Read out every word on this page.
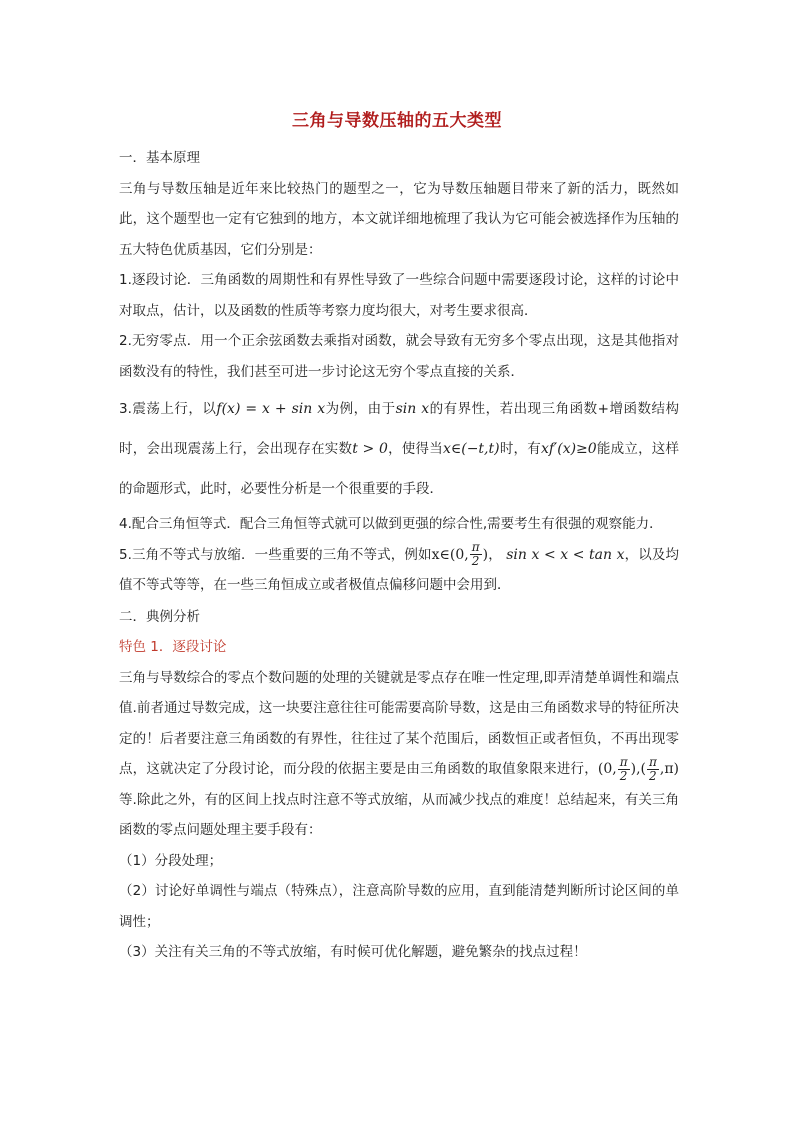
三角与导数压轴的五大类型

一．基本原理

三角与导数压轴是近年来比较热门的题型之一，它为导数压轴题目带来了新的活力，既然如此，这个题型也一定有它独到的地方，本文就详细地梳理了我认为它可能会被选择作为压轴的五大特色优质基因，它们分别是：

1.逐段讨论．三角函数的周期性和有界性导致了一些综合问题中需要逐段讨论，这样的讨论中对取点，估计，以及函数的性质等考察力度均很大，对考生要求很高．

2.无穷零点．用一个正余弦函数去乘指对函数，就会导致有无穷多个零点出现，这是其他指对函数没有的特性，我们甚至可进一步讨论这无穷个零点直接的关系．

3.震荡上行，以f(x) = x + sin x为例，由于sin x的有界性，若出现三角函数+增函数结构时，会出现震荡上行，会出现存在实数t > 0，使得当x∈(−t,t)时，有xf′(x)≥0能成立，这样的命题形式，此时，必要性分析是一个很重要的手段．

4.配合三角恒等式．配合三角恒等式就可以做到更强的综合性,需要考生有很强的观察能力．

5.三角不等式与放缩．一些重要的三角不等式，例如x∈(0, $\frac{\pi}{2}$ )， sin x < x < tan x，以及均值不等式等等，在一些三角恒成立或者极值点偏移问题中会用到．

二．典例分析

特色 1．逐段讨论

三角与导数综合的零点个数问题的处理的关键就是零点存在唯一性定理,即弄清楚单调性和端点值.前者通过导数完成，这一块要注意往往可能需要高阶导数，这是由三角函数求导的特征所决定的！后者要注意三角函数的有界性，往往过了某个范围后，函数恒正或者恒负，不再出现零点，这就决定了分段讨论，而分段的依据主要是由三角函数的取值象限来进行，(0, $\frac{\pi}{2}$ ),( $\frac{\pi}{2} ,\pi$)等.除此之外，有的区间上找点时注意不等式放缩，从而减少找点的难度！总结起来，有关三角函数的零点问题处理主要手段有：

（1）分段处理；

（2）讨论好单调性与端点（特殊点），注意高阶导数的应用，直到能清楚判断所讨论区间的单调性；

（3）关注有关三角的不等式放缩，有时候可优化解题，避免繁杂的找点过程！
